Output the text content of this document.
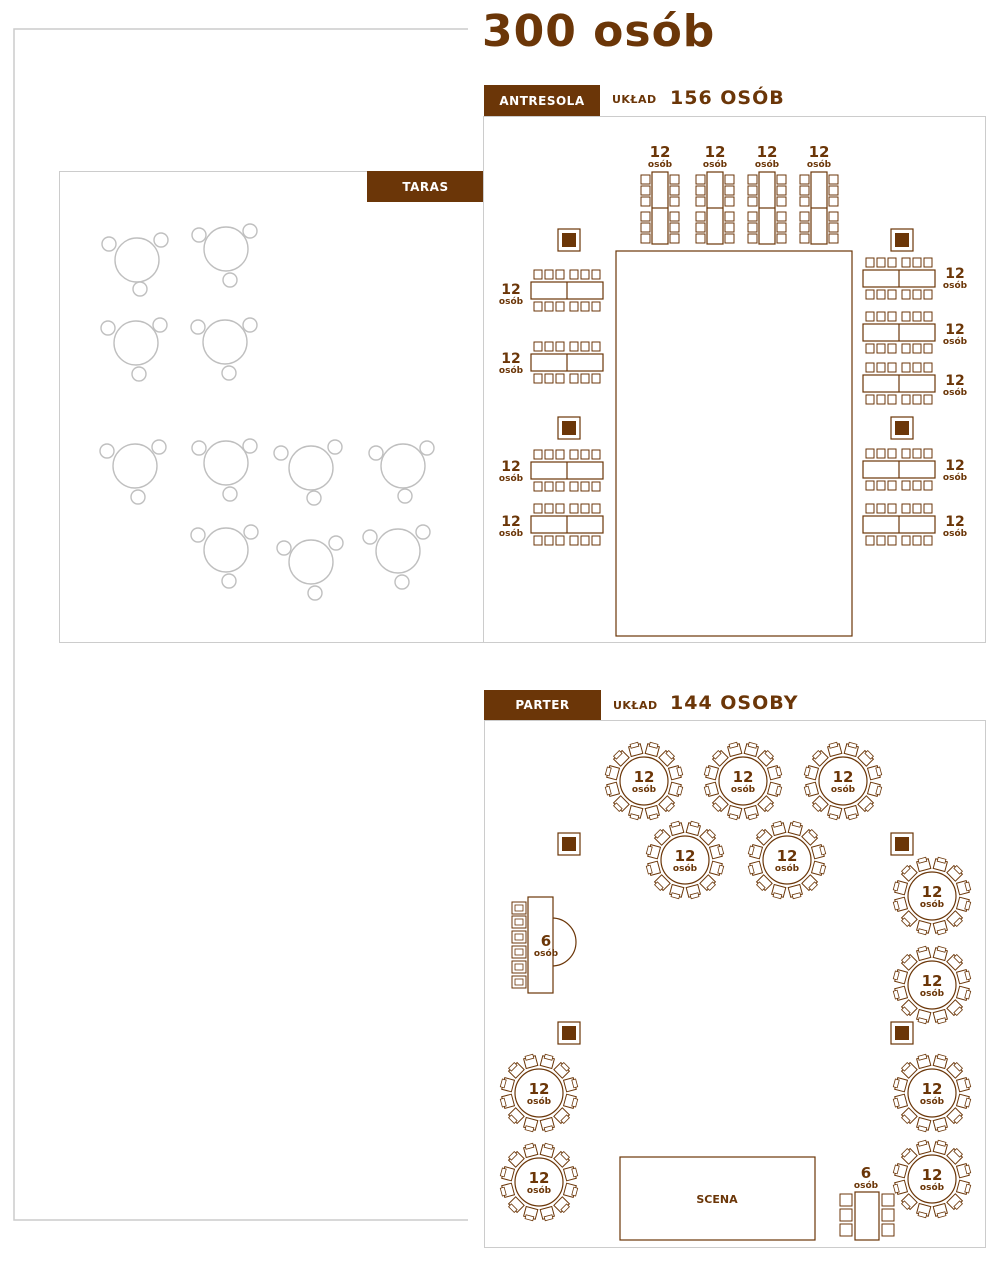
300 osób
TARAS
ANTRESOLA	UKŁAD 156 OSÓB
PARTER	UKŁAD 144 OSOBY
12
osób
12
osób
12
osób
12
osób
12
osób
12
osób
12
osób
12
osób
12
osób
12
osób
12
osób
12
osób
12
osób
12
osób
12
osób
12
osób
12
osób
12
osób
12
osób
12
osób
12
osób
12
osób
12
osób
12
osób
6
osób
SCENA
6
osób
